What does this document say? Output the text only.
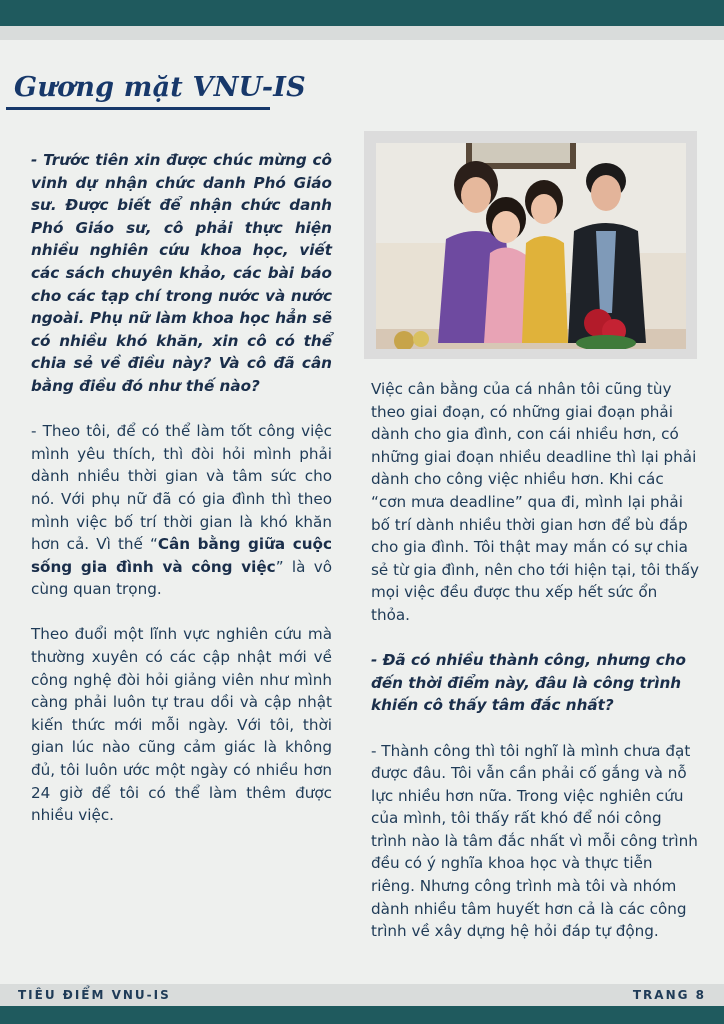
Gương mặt VNU-IS

- Trước tiên xin được chúc mừng cô vinh dự nhận chức danh Phó Giáo sư. Được biết để nhận chức danh Phó Giáo sư, cô phải thực hiện nhiều nghiên cứu khoa học, viết các sách chuyên khảo, các bài báo cho các tạp chí trong nước và nước ngoài. Phụ nữ làm khoa học hẳn sẽ có nhiều khó khăn, xin cô có thể chia sẻ về điều này? Và cô đã cân bằng điều đó như thế nào?

- Theo tôi, để có thể làm tốt công việc mình yêu thích, thì đòi hỏi mình phải dành nhiều thời gian và tâm sức cho nó. Với phụ nữ đã có gia đình thì theo mình việc bố trí thời gian là khó khăn hơn cả. Vì thế “Cân bằng giữa cuộc sống gia đình và công việc” là vô cùng quan trọng.

Theo đuổi một lĩnh vực nghiên cứu mà thường xuyên có các cập nhật mới về công nghệ đòi hỏi giảng viên như mình càng phải luôn tự trau dồi và cập nhật kiến thức mới mỗi ngày. Với tôi, thời gian lúc nào cũng cảm giác là không đủ, tôi luôn ước một ngày có nhiều hơn 24 giờ để tôi có thể làm thêm được nhiều việc.

Việc cân bằng của cá nhân tôi cũng tùy theo giai đoạn, có những giai đoạn phải dành cho gia đình, con cái nhiều hơn, có những giai đoạn nhiều deadline thì lại phải dành cho công việc nhiều hơn. Khi các “cơn mưa deadline” qua đi, mình lại phải bố trí dành nhiều thời gian hơn để bù đắp cho gia đình. Tôi thật may mắn có sự chia sẻ từ gia đình, nên cho tới hiện tại, tôi thấy mọi việc đều được thu xếp hết sức ổn thỏa.

- Đã có nhiều thành công, nhưng cho đến thời điểm này, đâu là công trình khiến cô thấy tâm đắc nhất?

- Thành công thì tôi nghĩ là mình chưa đạt được đâu. Tôi vẫn cần phải cố gắng và nỗ lực nhiều hơn nữa. Trong việc nghiên cứu của mình, tôi thấy rất khó để nói công trình nào là tâm đắc nhất vì mỗi công trình đều có ý nghĩa khoa học và thực tiễn riêng. Nhưng công trình mà tôi và nhóm dành nhiều tâm huyết hơn cả là các công trình về xây dựng hệ hỏi đáp tự động.

TIÊU ĐIỂM VNU-IS	TRANG 8
